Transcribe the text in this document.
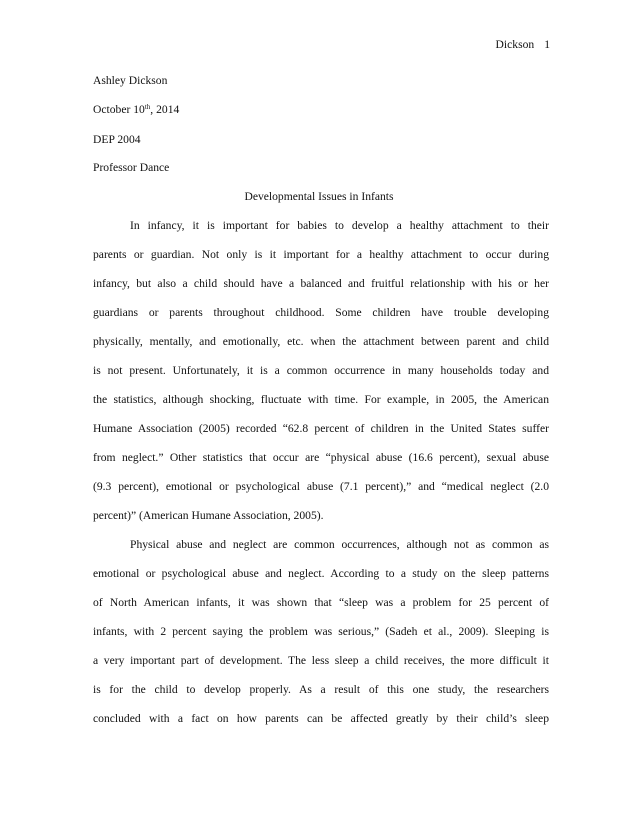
Dickson 1
Ashley Dickson
October 10th, 2014
DEP 2004
Professor Dance
Developmental Issues in Infants
In infancy, it is important for babies to develop a healthy attachment to their
parents or guardian. Not only is it important for a healthy attachment to occur during
infancy, but also a child should have a balanced and fruitful relationship with his or her
guardians or parents throughout childhood. Some children have trouble developing
physically, mentally, and emotionally, etc. when the attachment between parent and child
is not present. Unfortunately, it is a common occurrence in many households today and
the statistics, although shocking, fluctuate with time. For example, in 2005, the American
Humane Association (2005) recorded “62.8 percent of children in the United States suffer
from neglect.” Other statistics that occur are “physical abuse (16.6 percent), sexual abuse
(9.3 percent), emotional or psychological abuse (7.1 percent),” and “medical neglect (2.0
percent)” (American Humane Association, 2005).
Physical abuse and neglect are common occurrences, although not as common as
emotional or psychological abuse and neglect. According to a study on the sleep patterns
of North American infants, it was shown that “sleep was a problem for 25 percent of
infants, with 2 percent saying the problem was serious,” (Sadeh et al., 2009). Sleeping is
a very important part of development. The less sleep a child receives, the more difficult it
is for the child to develop properly. As a result of this one study, the researchers
concluded with a fact on how parents can be affected greatly by their child’s sleep
